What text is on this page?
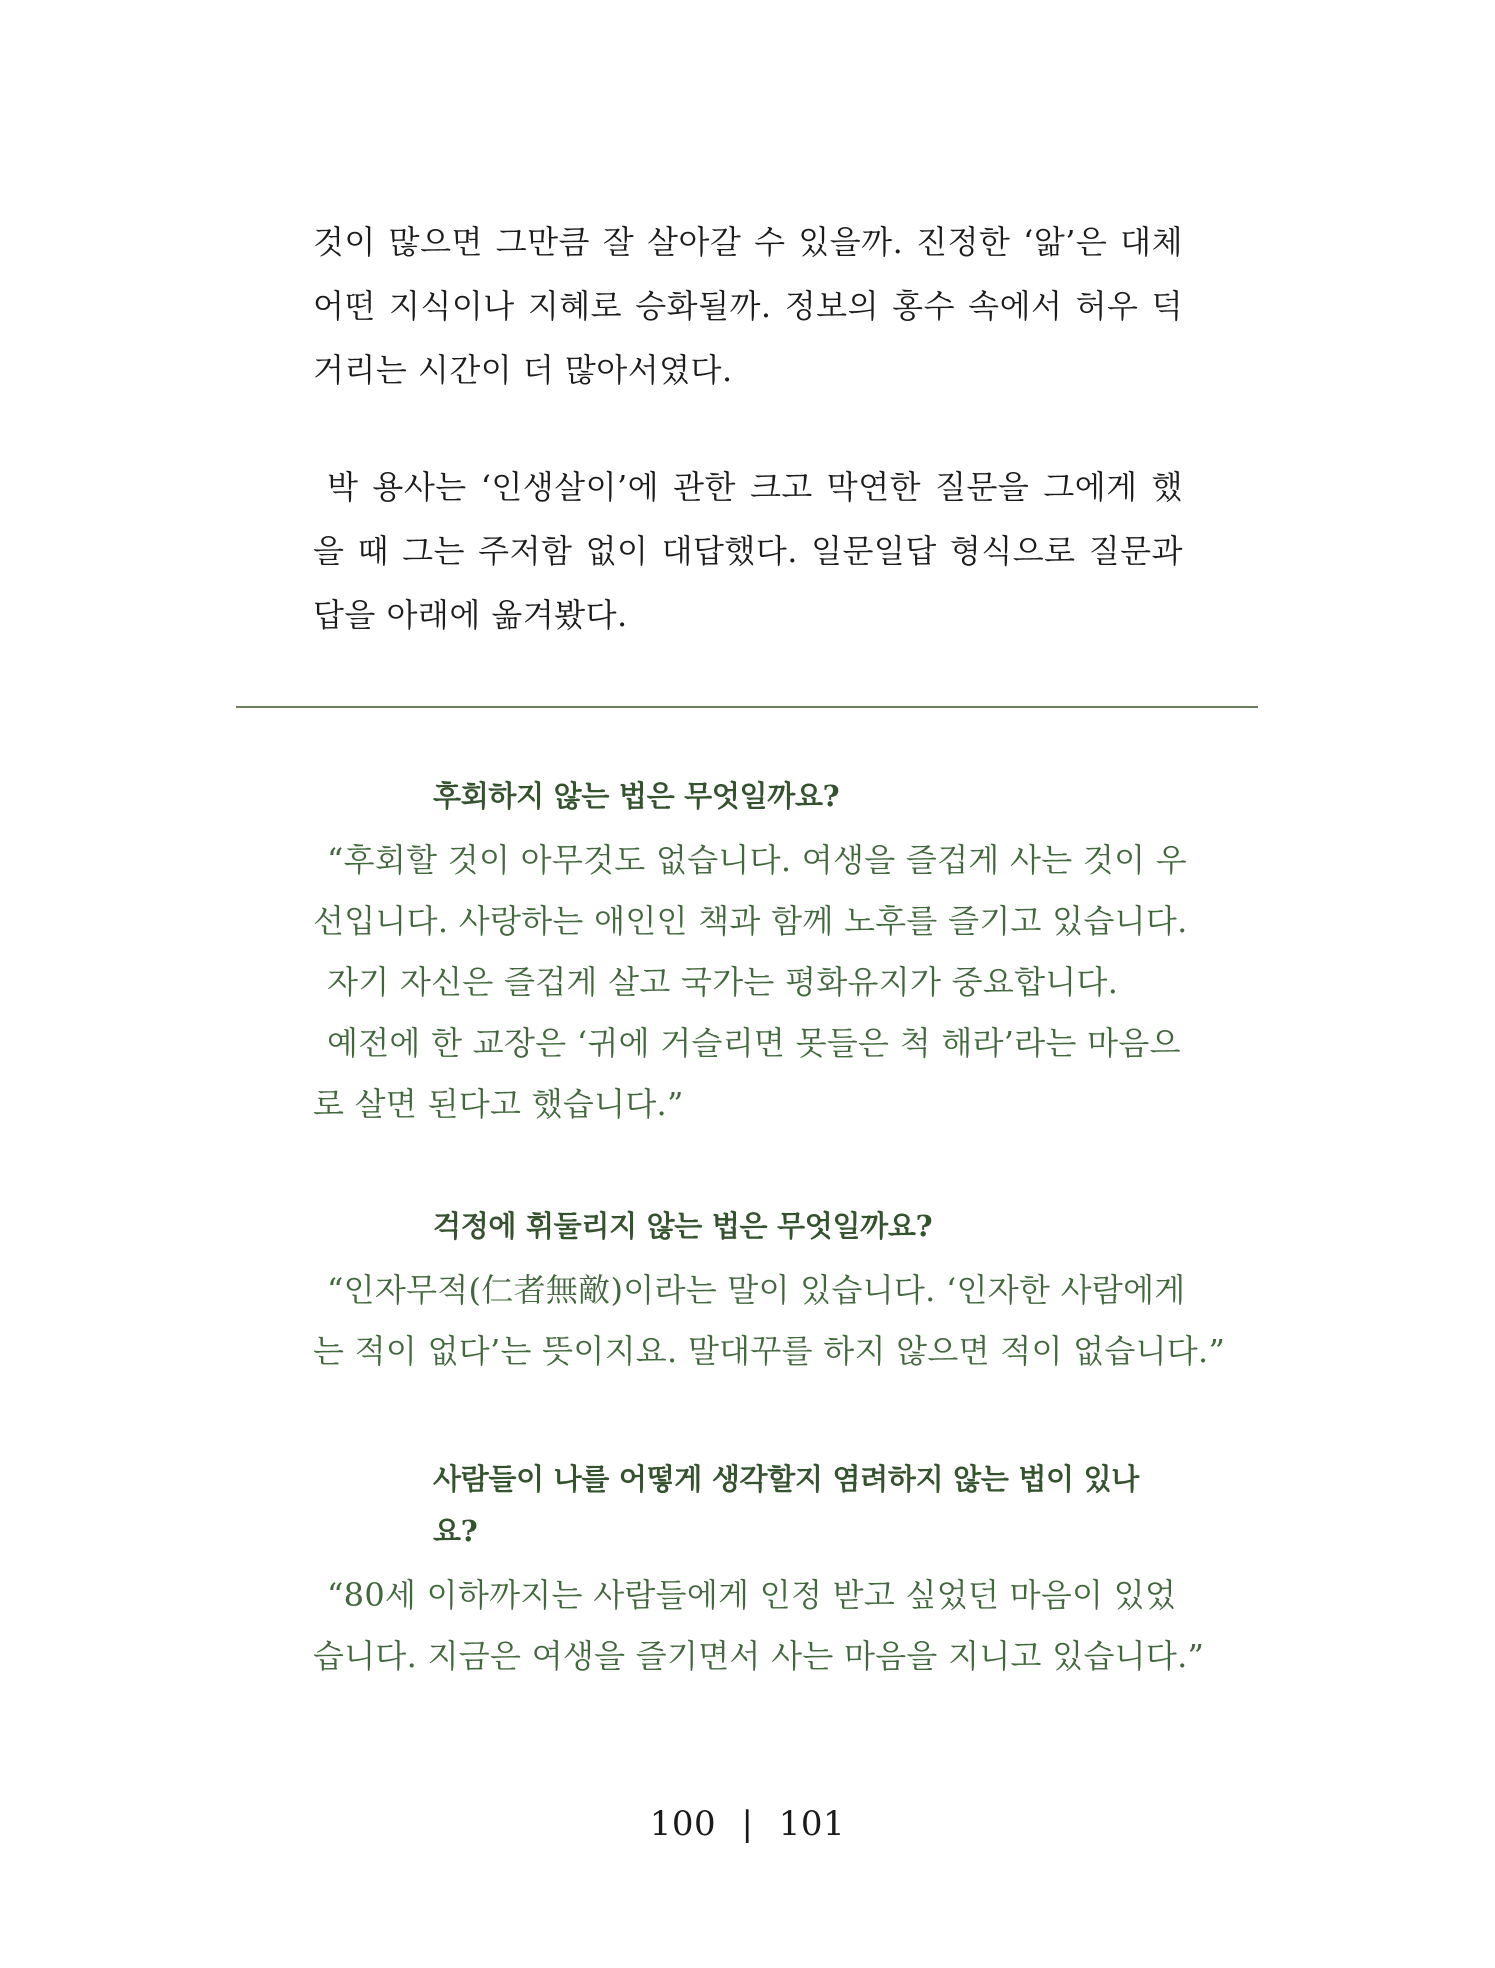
것이 많으면 그만큼 잘 살아갈 수 있을까. 진정한 ‘앎’은 대체 어떤 지식이나 지혜로 승화될까. 정보의 홍수 속에서 허우 덕거리는 시간이 더 많아서였다.

박 용사는 ‘인생살이’에 관한 크고 막연한 질문을 그에게 했을 때 그는 주저함 없이 대답했다. 일문일답 형식으로 질문과 답을 아래에 옮겨봤다.

후회하지 않는 법은 무엇일까요?
“후회할 것이 아무것도 없습니다. 여생을 즐겁게 사는 것이 우
선입니다. 사랑하는 애인인 책과 함께 노후를 즐기고 있습니다.
자기 자신은 즐겁게 살고 국가는 평화유지가 중요합니다.
예전에 한 교장은 ‘귀에 거슬리면 못들은 척 해라’라는 마음으
로 살면 된다고 했습니다.”
걱정에 휘둘리지 않는 법은 무엇일까요?
“인자무적(仁者無敵)이라는 말이 있습니다. ‘인자한 사람에게
는 적이 없다’는 뜻이지요. 말대꾸를 하지 않으면 적이 없습니다.”
사람들이 나를 어떻게 생각할지 염려하지 않는 법이 있나요?
“80세 이하까지는 사람들에게 인정 받고 싶었던 마음이 있었
습니다. 지금은 여생을 즐기면서 사는 마음을 지니고 있습니다.”
100 | 101
